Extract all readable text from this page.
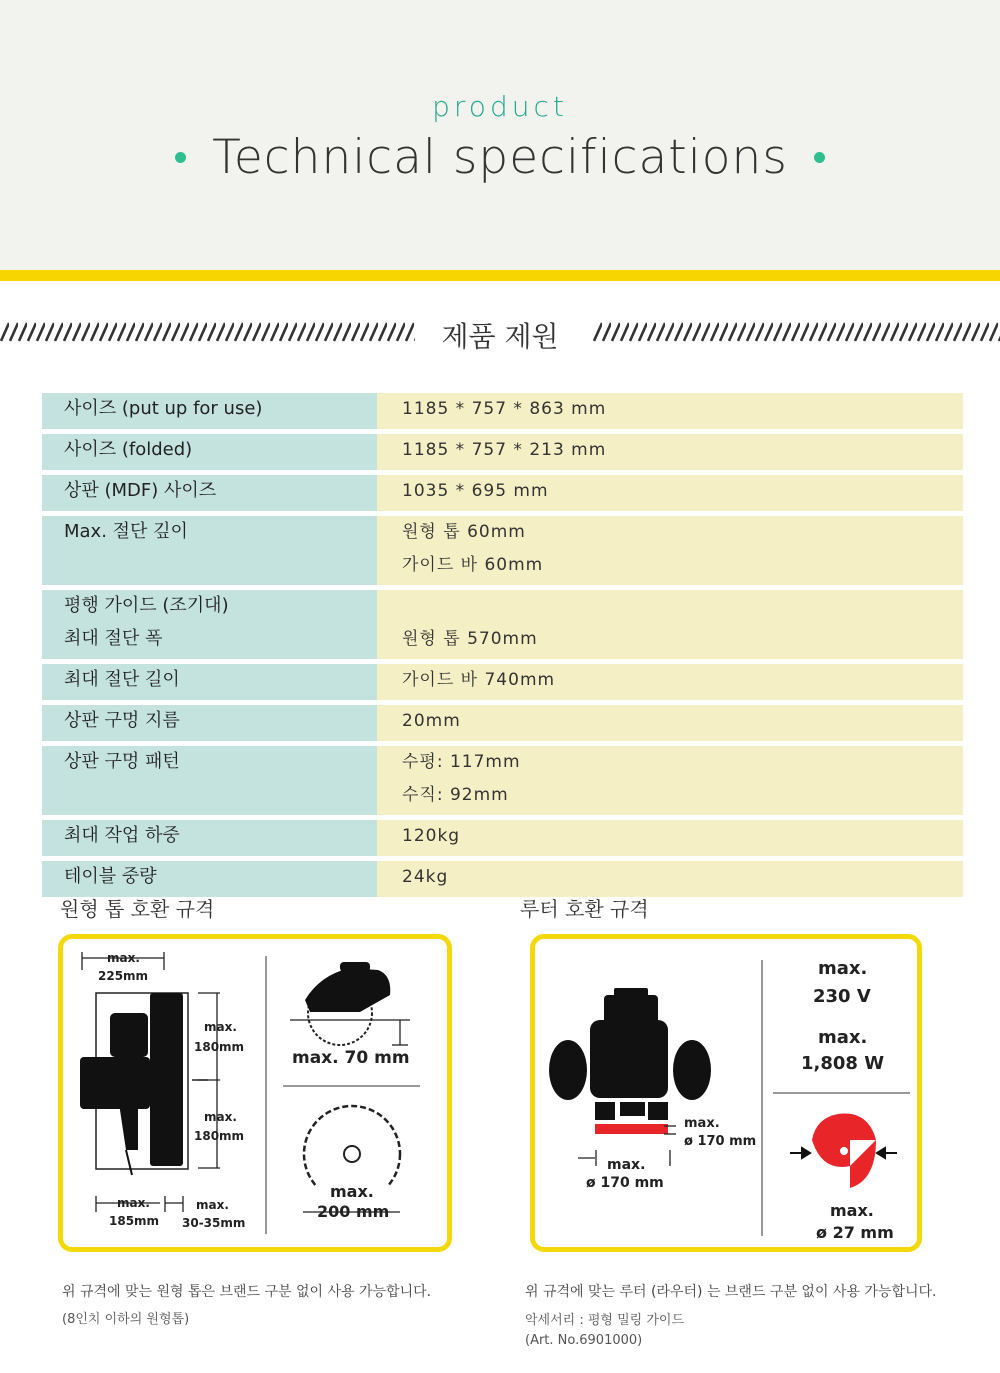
product
Technical specifications
제품 제원
사이즈 (put up for use)	1185 * 757 * 863 mm
사이즈 (folded)	1185 * 757 * 213 mm
상판 (MDF) 사이즈	1035 * 695 mm
Max. 절단 깊이	원형 톱 60mm
가이드 바 60mm
평행 가이드 (조기대)
최대 절단 폭	원형 톱 570mm
최대 절단 길이	가이드 바 740mm
상판 구멍 지름	20mm
상판 구멍 패턴	수평: 117mm
수직: 92mm
최대 작업 하중	120kg
테이블 중량	24kg
원형 톱 호환 규격	루터 호환 규격
max.
225mm
max.
180mm
max.
180mm
max.
185mm
max.
30-35mm
max. 70 mm
max.
200 mm
max.
ø 170 mm
max.
ø 170 mm
max.
230 V
max.
1,808 W
max.
ø 27 mm
위 규격에 맞는 원형 톱은 브랜드 구분 없이 사용 가능합니다.
(8인치 이하의 원형톱)
위 규격에 맞는 루터 (라우터) 는 브랜드 구분 없이 사용 가능합니다.
악세서리 : 평형 밀링 가이드
(Art. No.6901000)
